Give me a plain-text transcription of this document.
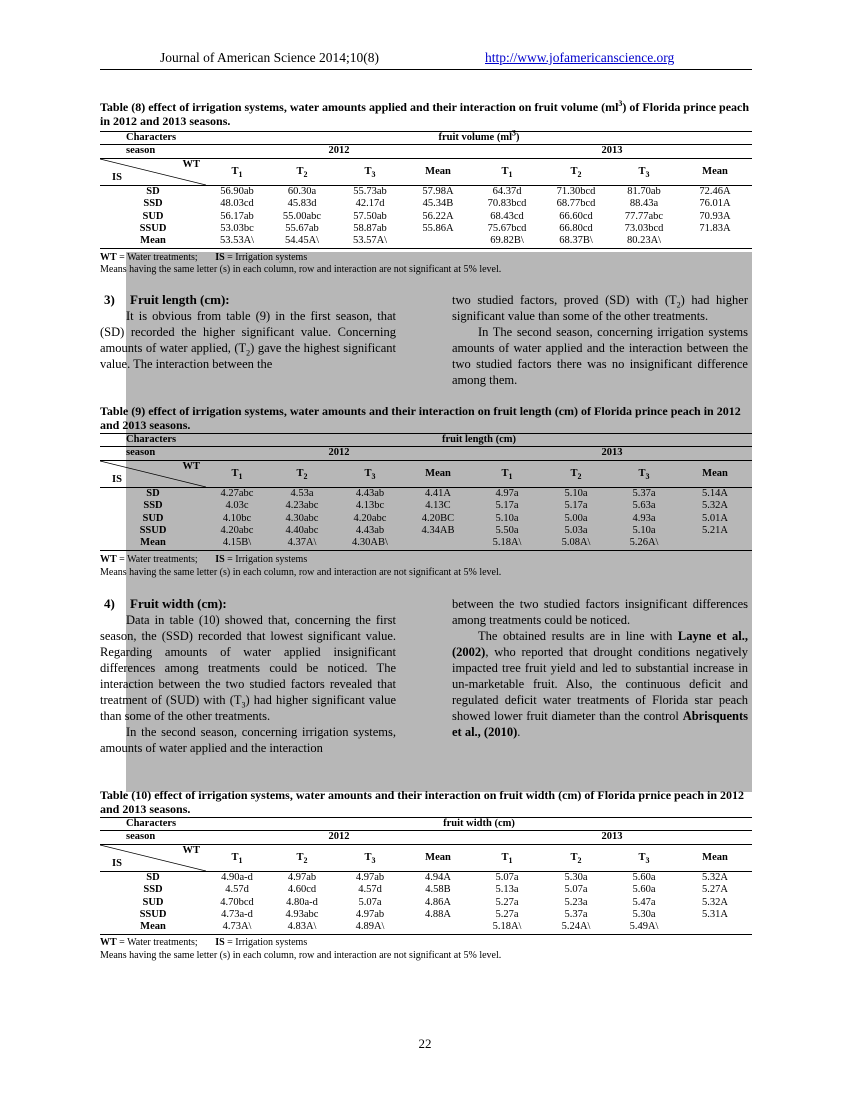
Journal of American Science 2014;10(8)	http://www.jofamericanscience.org
Table (8) effect of irrigation systems, water amounts applied and their interaction on fruit volume $(ml^3)$ of Florida prince peach in 2012 and 2013 seasons.
Characters	fruit volume $(ml^3)$							
season	2012				2013			

WT
IS	$T_1$	$T_2$	$T_3$	Mean	$T_1$	$T_2$	$T_3$	Mean
SD	56.90ab	60.30a	55.73ab	57.98A	64.37d	71.30bcd	81.70ab	72.46A
SSD	48.03cd	45.83d	42.17d	45.34B	70.83bcd	68.77bcd	88.43a	76.01A
SUD	56.17ab	55.00abc	57.50ab	56.22A	68.43cd	66.60cd	77.77abc	70.93A
SSUD	53.03bc	55.67ab	58.87ab	55.86A	75.67bcd	66.80cd	73.03bcd	71.83A
Mean	53.53A\	54.45A\	53.57A\		69.82B\	68.37B\	80.23A\	
WT = Water treatments; IS = Irrigation systems
Means having the same letter (s) in each column, row and interaction are not significant at 5% level.

3) Fruit length (cm):

It is obvious from table (9) in the first season, that (SD) recorded the higher significant value. Concerning amounts of water applied, $(T_2)$ gave the highest significant value. The interaction between the

two studied factors, proved (SD) with $(T_2)$ had higher significant value than some of the other treatments.

In The second season, concerning irrigation systems amounts of water applied and the interaction between the two studied factors there was no insignificant difference among them.

Table (9) effect of irrigation systems, water amounts and their interaction on fruit length (cm) of Florida prince peach in 2012 and 2013 seasons.
Characters	fruit length (cm)							
season	2012				2013			

WT
IS	$T_1$	$T_2$	$T_3$	Mean	$T_1$	$T_2$	$T_3$	Mean
SD	4.27abc	4.53a	4.43ab	4.41A	4.97a	5.10a	5.37a	5.14A
SSD	4.03c	4.23abc	4.13bc	4.13C	5.17a	5.17a	5.63a	5.32A
SUD	4.10bc	4.30abc	4.20abc	4.20BC	5.10a	5.00a	4.93a	5.01A
SSUD	4.20abc	4.40abc	4.43ab	4.34AB	5.50a	5.03a	5.10a	5.21A
Mean	4.15B\	4.37A\	4.30AB\		5.18A\	5.08A\	5.26A\	
WT = Water treatments; IS = Irrigation systems
Means having the same letter (s) in each column, row and interaction are not significant at 5% level.

4) Fruit width (cm):

Data in table (10) showed that, concerning the first season, the (SSD) recorded that lowest significant value. Regarding amounts of water applied insignificant differences among treatments could be noticed. The interaction between the two studied factors revealed that treatment of (SUD) with $(T_3)$ had higher significant value than some of the other treatments.

In the second season, concerning irrigation systems, amounts of water applied and the interaction

between the two studied factors insignificant differences among treatments could be noticed.

The obtained results are in line with Layne et al.,(2002), who reported that drought conditions negatively impacted tree fruit yield and led to substantial increase in un-marketable fruit. Also, the continuous deficit and regulated deficit water treatments of Florida star peach showed lower fruit diameter than the control Abrisquents et al., (2010).

Table (10) effect of irrigation systems, water amounts and their interaction on fruit width (cm) of Florida prnice peach in 2012 and 2013 seasons.
Characters	fruit width (cm)							
season	2012				2013			

WT
IS	$T_1$	$T_2$	$T_3$	Mean	$T_1$	$T_2$	$T_3$	Mean
SD	4.90a-d	4.97ab	4.97ab	4.94A	5.07a	5.30a	5.60a	5.32A
SSD	4.57d	4.60cd	4.57d	4.58B	5.13a	5.07a	5.60a	5.27A
SUD	4.70bcd	4.80a-d	5.07a	4.86A	5.27a	5.23a	5.47a	5.32A
SSUD	4.73a-d	4.93abc	4.97ab	4.88A	5.27a	5.37a	5.30a	5.31A
Mean	4.73A\	4.83A\	4.89A\		5.18A\	5.24A\	5.49A\	
WT = Water treatments; IS = Irrigation systems
Means having the same letter (s) in each column, row and interaction are not significant at 5% level.
22
